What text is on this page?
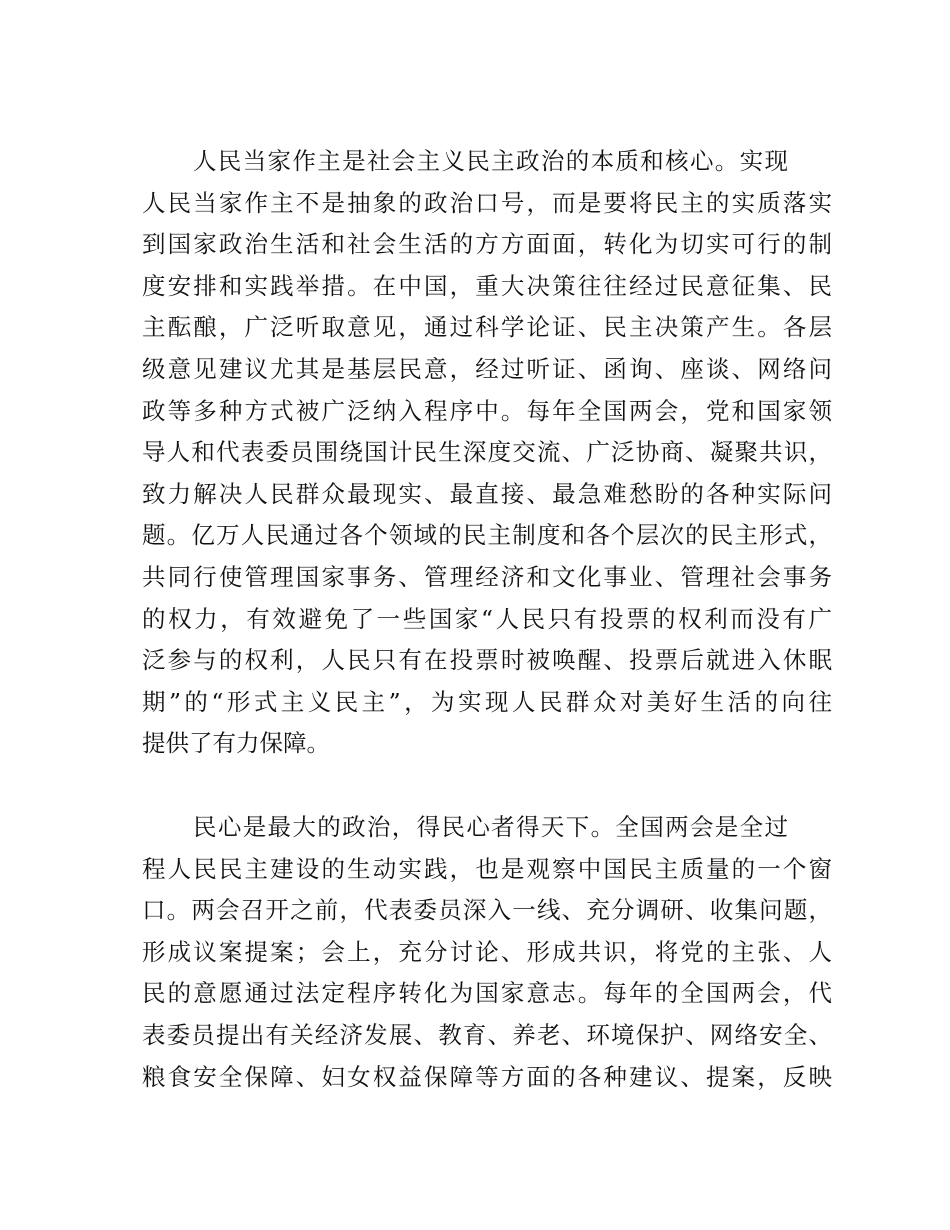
人民当家作主是社会主义民主政治的本质和核心。实现
人民当家作主不是抽象的政治口号，而是要将民主的实质落实
到国家政治生活和社会生活的方方面面，转化为切实可行的制
度安排和实践举措。在中国，重大决策往往经过民意征集、民
主酝酿，广泛听取意见，通过科学论证、民主决策产生。各层
级意见建议尤其是基层民意，经过听证、函询、座谈、网络问
政等多种方式被广泛纳入程序中。每年全国两会，党和国家领
导人和代表委员围绕国计民生深度交流、广泛协商、凝聚共识，
致力解决人民群众最现实、最直接、最急难愁盼的各种实际问
题。亿万人民通过各个领域的民主制度和各个层次的民主形式，
共同行使管理国家事务、管理经济和文化事业、管理社会事务
的权力，有效避免了一些国家“人民只有投票的权利而没有广
泛参与的权利，人民只有在投票时被唤醒、投票后就进入休眠
期”的“形式主义民主”，为实现人民群众对美好生活的向往
提供了有力保障。
民心是最大的政治，得民心者得天下。全国两会是全过
程人民民主建设的生动实践，也是观察中国民主质量的一个窗
口。两会召开之前，代表委员深入一线、充分调研、收集问题，
形成议案提案；会上，充分讨论、形成共识，将党的主张、人
民的意愿通过法定程序转化为国家意志。每年的全国两会，代
表委员提出有关经济发展、教育、养老、环境保护、网络安全、
粮食安全保障、妇女权益保障等方面的各种建议、提案，反映
